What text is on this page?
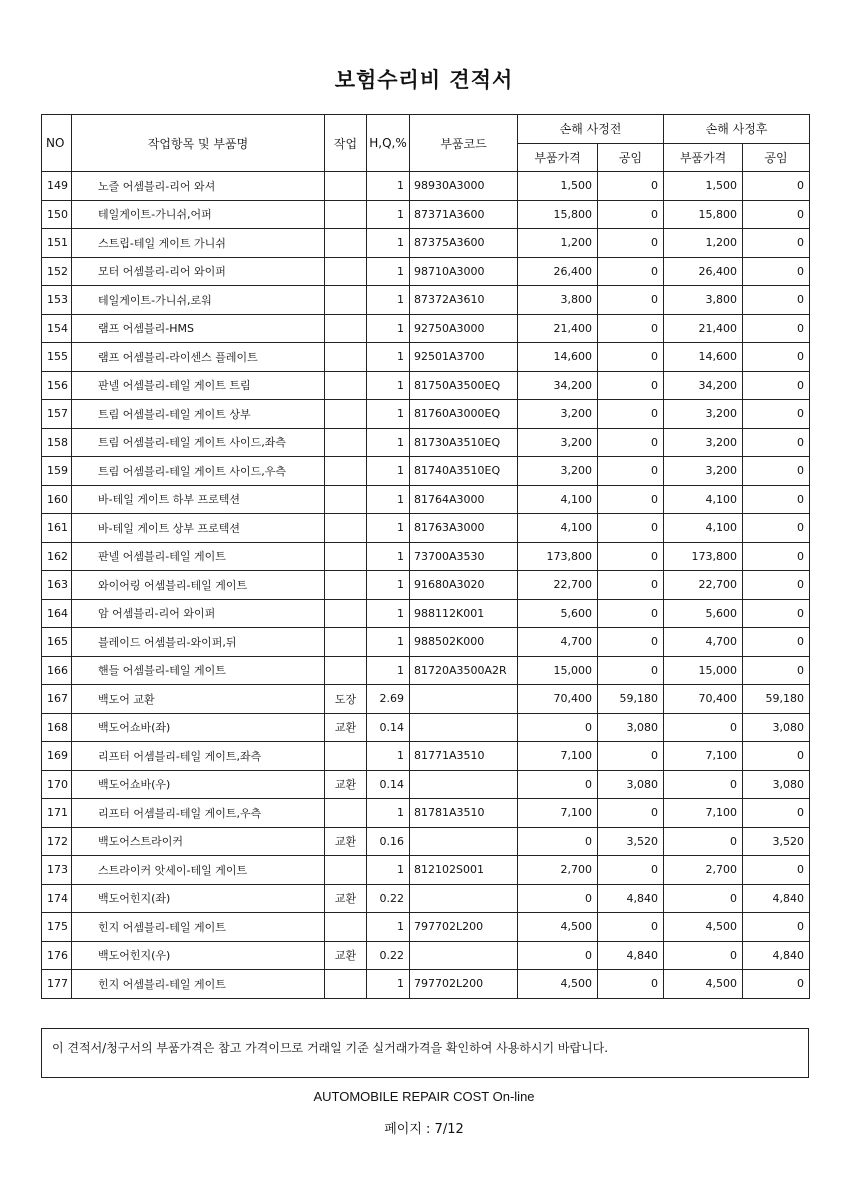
보험수리비 견적서
NO	작업항목 및 부품명	작업	H,Q,%	부품코드	손해 사정전		손해 사정후	
					부품가격	공임	부품가격	공임
149	노즐 어셈블리-리어 와셔		1	98930A3000	1,500	0	1,500	0
150	테일게이트-가니쉬,어퍼		1	87371A3600	15,800	0	15,800	0
151	스트립-테일 게이트 가니쉬		1	87375A3600	1,200	0	1,200	0
152	모터 어셈블리-리어 와이퍼		1	98710A3000	26,400	0	26,400	0
153	테일게이트-가니쉬,로워		1	87372A3610	3,800	0	3,800	0
154	램프 어셈블리-HMS		1	92750A3000	21,400	0	21,400	0
155	램프 어셈블리-라이센스 플레이트		1	92501A3700	14,600	0	14,600	0
156	판넬 어셈블리-테일 게이트 트림		1	81750A3500EQ	34,200	0	34,200	0
157	트림 어셈블리-테일 게이트 상부		1	81760A3000EQ	3,200	0	3,200	0
158	트림 어셈블리-테일 게이트 사이드,좌측		1	81730A3510EQ	3,200	0	3,200	0
159	트림 어셈블리-테일 게이트 사이드,우측		1	81740A3510EQ	3,200	0	3,200	0
160	바-테일 게이트 하부 프로텍션		1	81764A3000	4,100	0	4,100	0
161	바-테일 게이트 상부 프로텍션		1	81763A3000	4,100	0	4,100	0
162	판넬 어셈블리-테일 게이트		1	73700A3530	173,800	0	173,800	0
163	와이어링 어셈블리-테일 게이트		1	91680A3020	22,700	0	22,700	0
164	암 어셈블리-리어 와이퍼		1	988112K001	5,600	0	5,600	0
165	블레이드 어셈블리-와이퍼,뒤		1	988502K000	4,700	0	4,700	0
166	핸들 어셈블리-테일 게이트		1	81720A3500A2R	15,000	0	15,000	0
167	백도어 교환	도장	2.69		70,400	59,180	70,400	59,180
168	백도어쇼바(좌)	교환	0.14		0	3,080	0	3,080
169	리프터 어셈블리-테일 게이트,좌측		1	81771A3510	7,100	0	7,100	0
170	백도어쇼바(우)	교환	0.14		0	3,080	0	3,080
171	리프터 어셈블리-테일 게이트,우측		1	81781A3510	7,100	0	7,100	0
172	백도어스트라이커	교환	0.16		0	3,520	0	3,520
173	스트라이커 앗세이-테일 게이트		1	812102S001	2,700	0	2,700	0
174	백도어힌지(좌)	교환	0.22		0	4,840	0	4,840
175	힌지 어셈블리-테일 게이트		1	797702L200	4,500	0	4,500	0
176	백도어힌지(우)	교환	0.22		0	4,840	0	4,840
177	힌지 어셈블리-테일 게이트		1	797702L200	4,500	0	4,500	0
이 견적서/청구서의 부품가격은 참고 가격이므로 거래일 기준 실거래가격을 확인하여 사용하시기 바랍니다.
AUTOMOBILE REPAIR COST On-line
페이지 : 7/12
